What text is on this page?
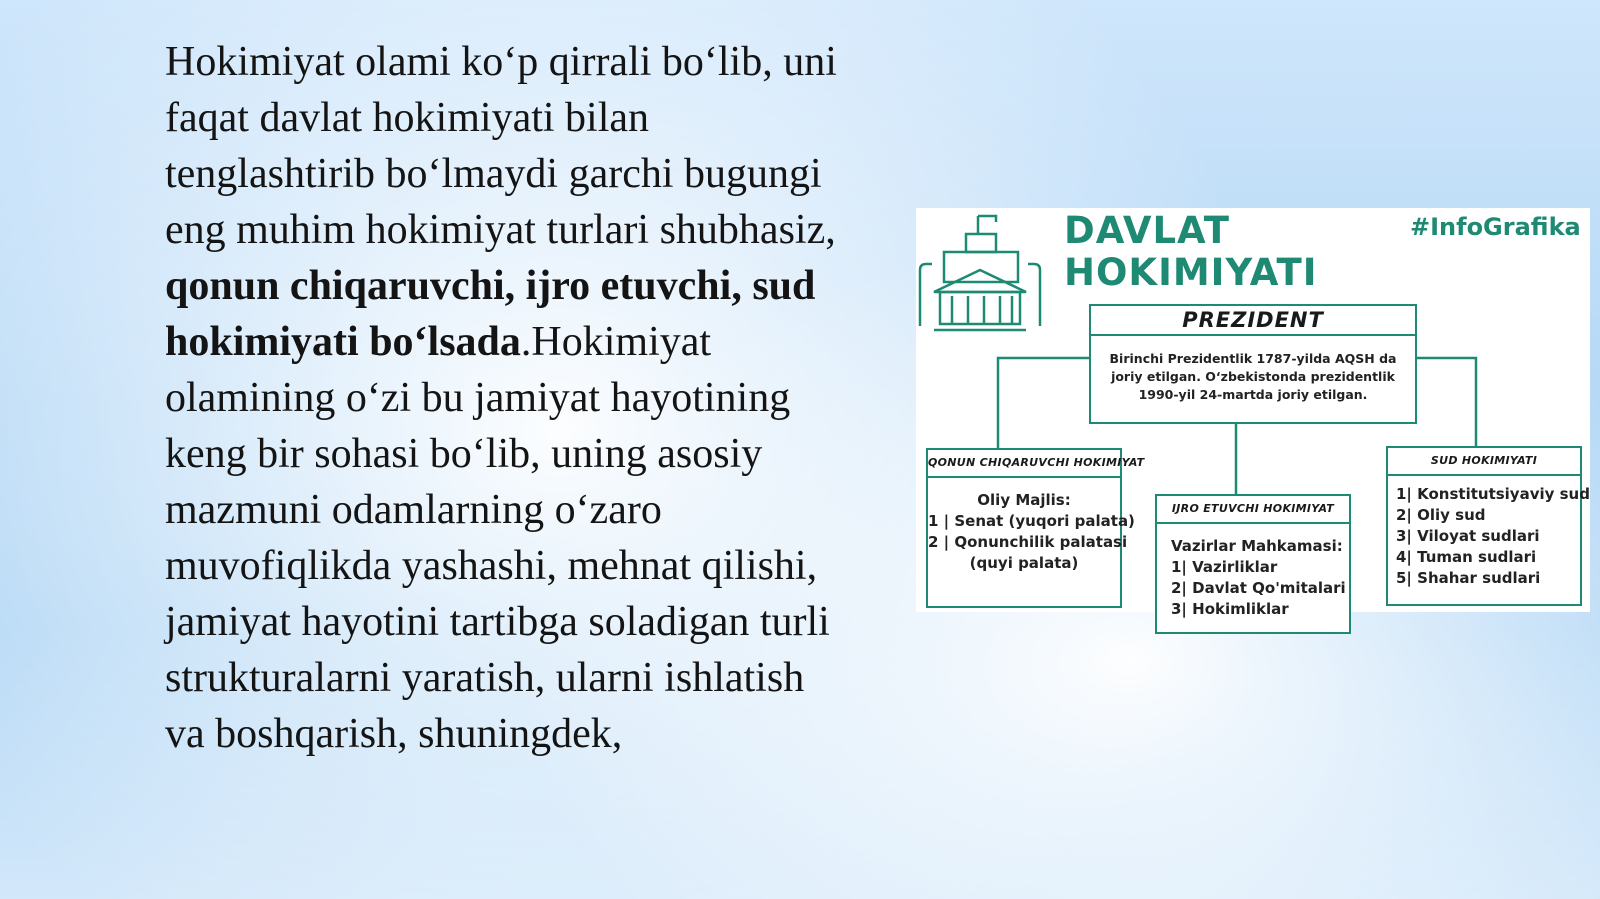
Hokimiyat olami ko‘p qirrali bo‘lib, uni
faqat davlat hokimiyati bilan
tenglashtirib bo‘lmaydi garchi bugungi
eng muhim hokimiyat turlari shubhasiz,
qonun chiqaruvchi, ijro etuvchi, sud
hokimiyati bo‘lsada.Hokimiyat
olamining o‘zi bu jamiyat hayotining
keng bir sohasi bo‘lib, uning asosiy
mazmuni odamlarning o‘zaro
muvofiqlikda yashashi, mehnat qilishi,
jamiyat hayotini tartibga soladigan turli
strukturalarni yaratish, ularni ishlatish
va boshqarish, shuningdek,
DAVLAT
HOKIMIYATI
#InfoGrafika
PREZIDENT
Birinchi Prezidentlik 1787-yilda AQSH da joriy etilgan. O‘zbekistonda prezidentlik 1990-yil 24-martda joriy etilgan.
QONUN CHIQARUVCHI HOKIMIYAT
Oliy Majlis:
1 | Senat (yuqori palata)
2 | Qonunchilik palatasi
(quyi palata)
IJRO ETUVCHI HOKIMIYAT
Vazirlar Mahkamasi:
1| Vazirliklar
2| Davlat Qo'mitalari
3| Hokimliklar
SUD HOKIMIYATI
1| Konstitutsiyaviy sud
2| Oliy sud
3| Viloyat sudlari
4| Tuman sudlari
5| Shahar sudlari
